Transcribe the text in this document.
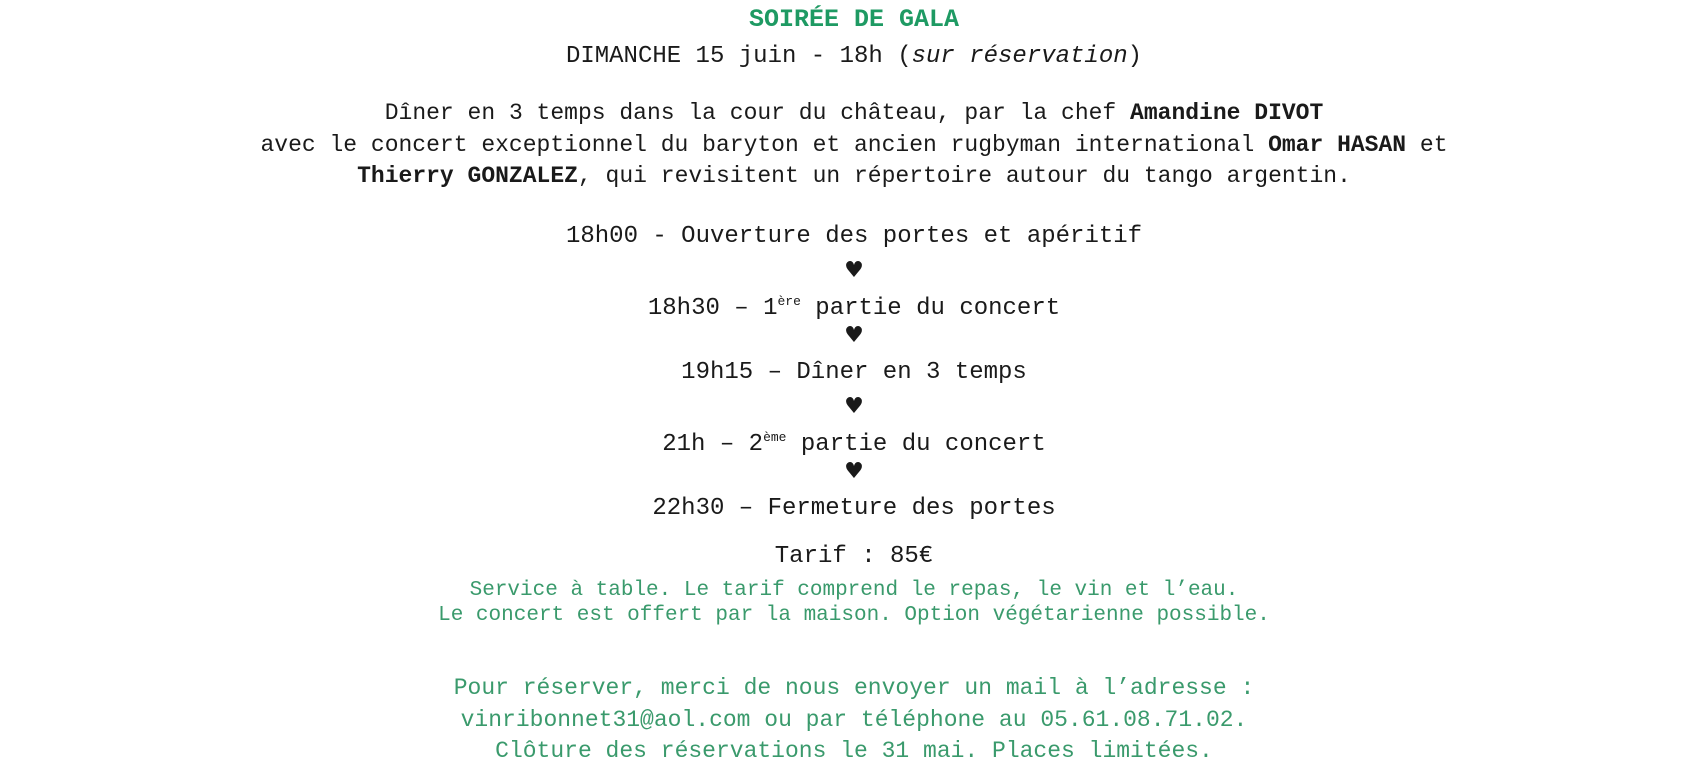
SOIRÉE DE GALA
DIMANCHE 15 juin - 18h (sur réservation)
Dîner en 3 temps dans la cour du château, par la chef Amandine DIVOT
avec le concert exceptionnel du baryton et ancien rugbyman international Omar HASAN et
Thierry GONZALEZ, qui revisitent un répertoire autour du tango argentin.
18h00 - Ouverture des portes et apéritif
♥
18h30 – 1ère partie du concert
♥
19h15 – Dîner en 3 temps
♥
21h – 2ème partie du concert
♥
22h30 – Fermeture des portes
Tarif : 85€
Service à table. Le tarif comprend le repas, le vin et l’eau.
Le concert est offert par la maison. Option végétarienne possible.
Pour réserver, merci de nous envoyer un mail à l’adresse :
vinribonnet31@aol.com ou par téléphone au 05.61.08.71.02.
Clôture des réservations le 31 mai. Places limitées.
